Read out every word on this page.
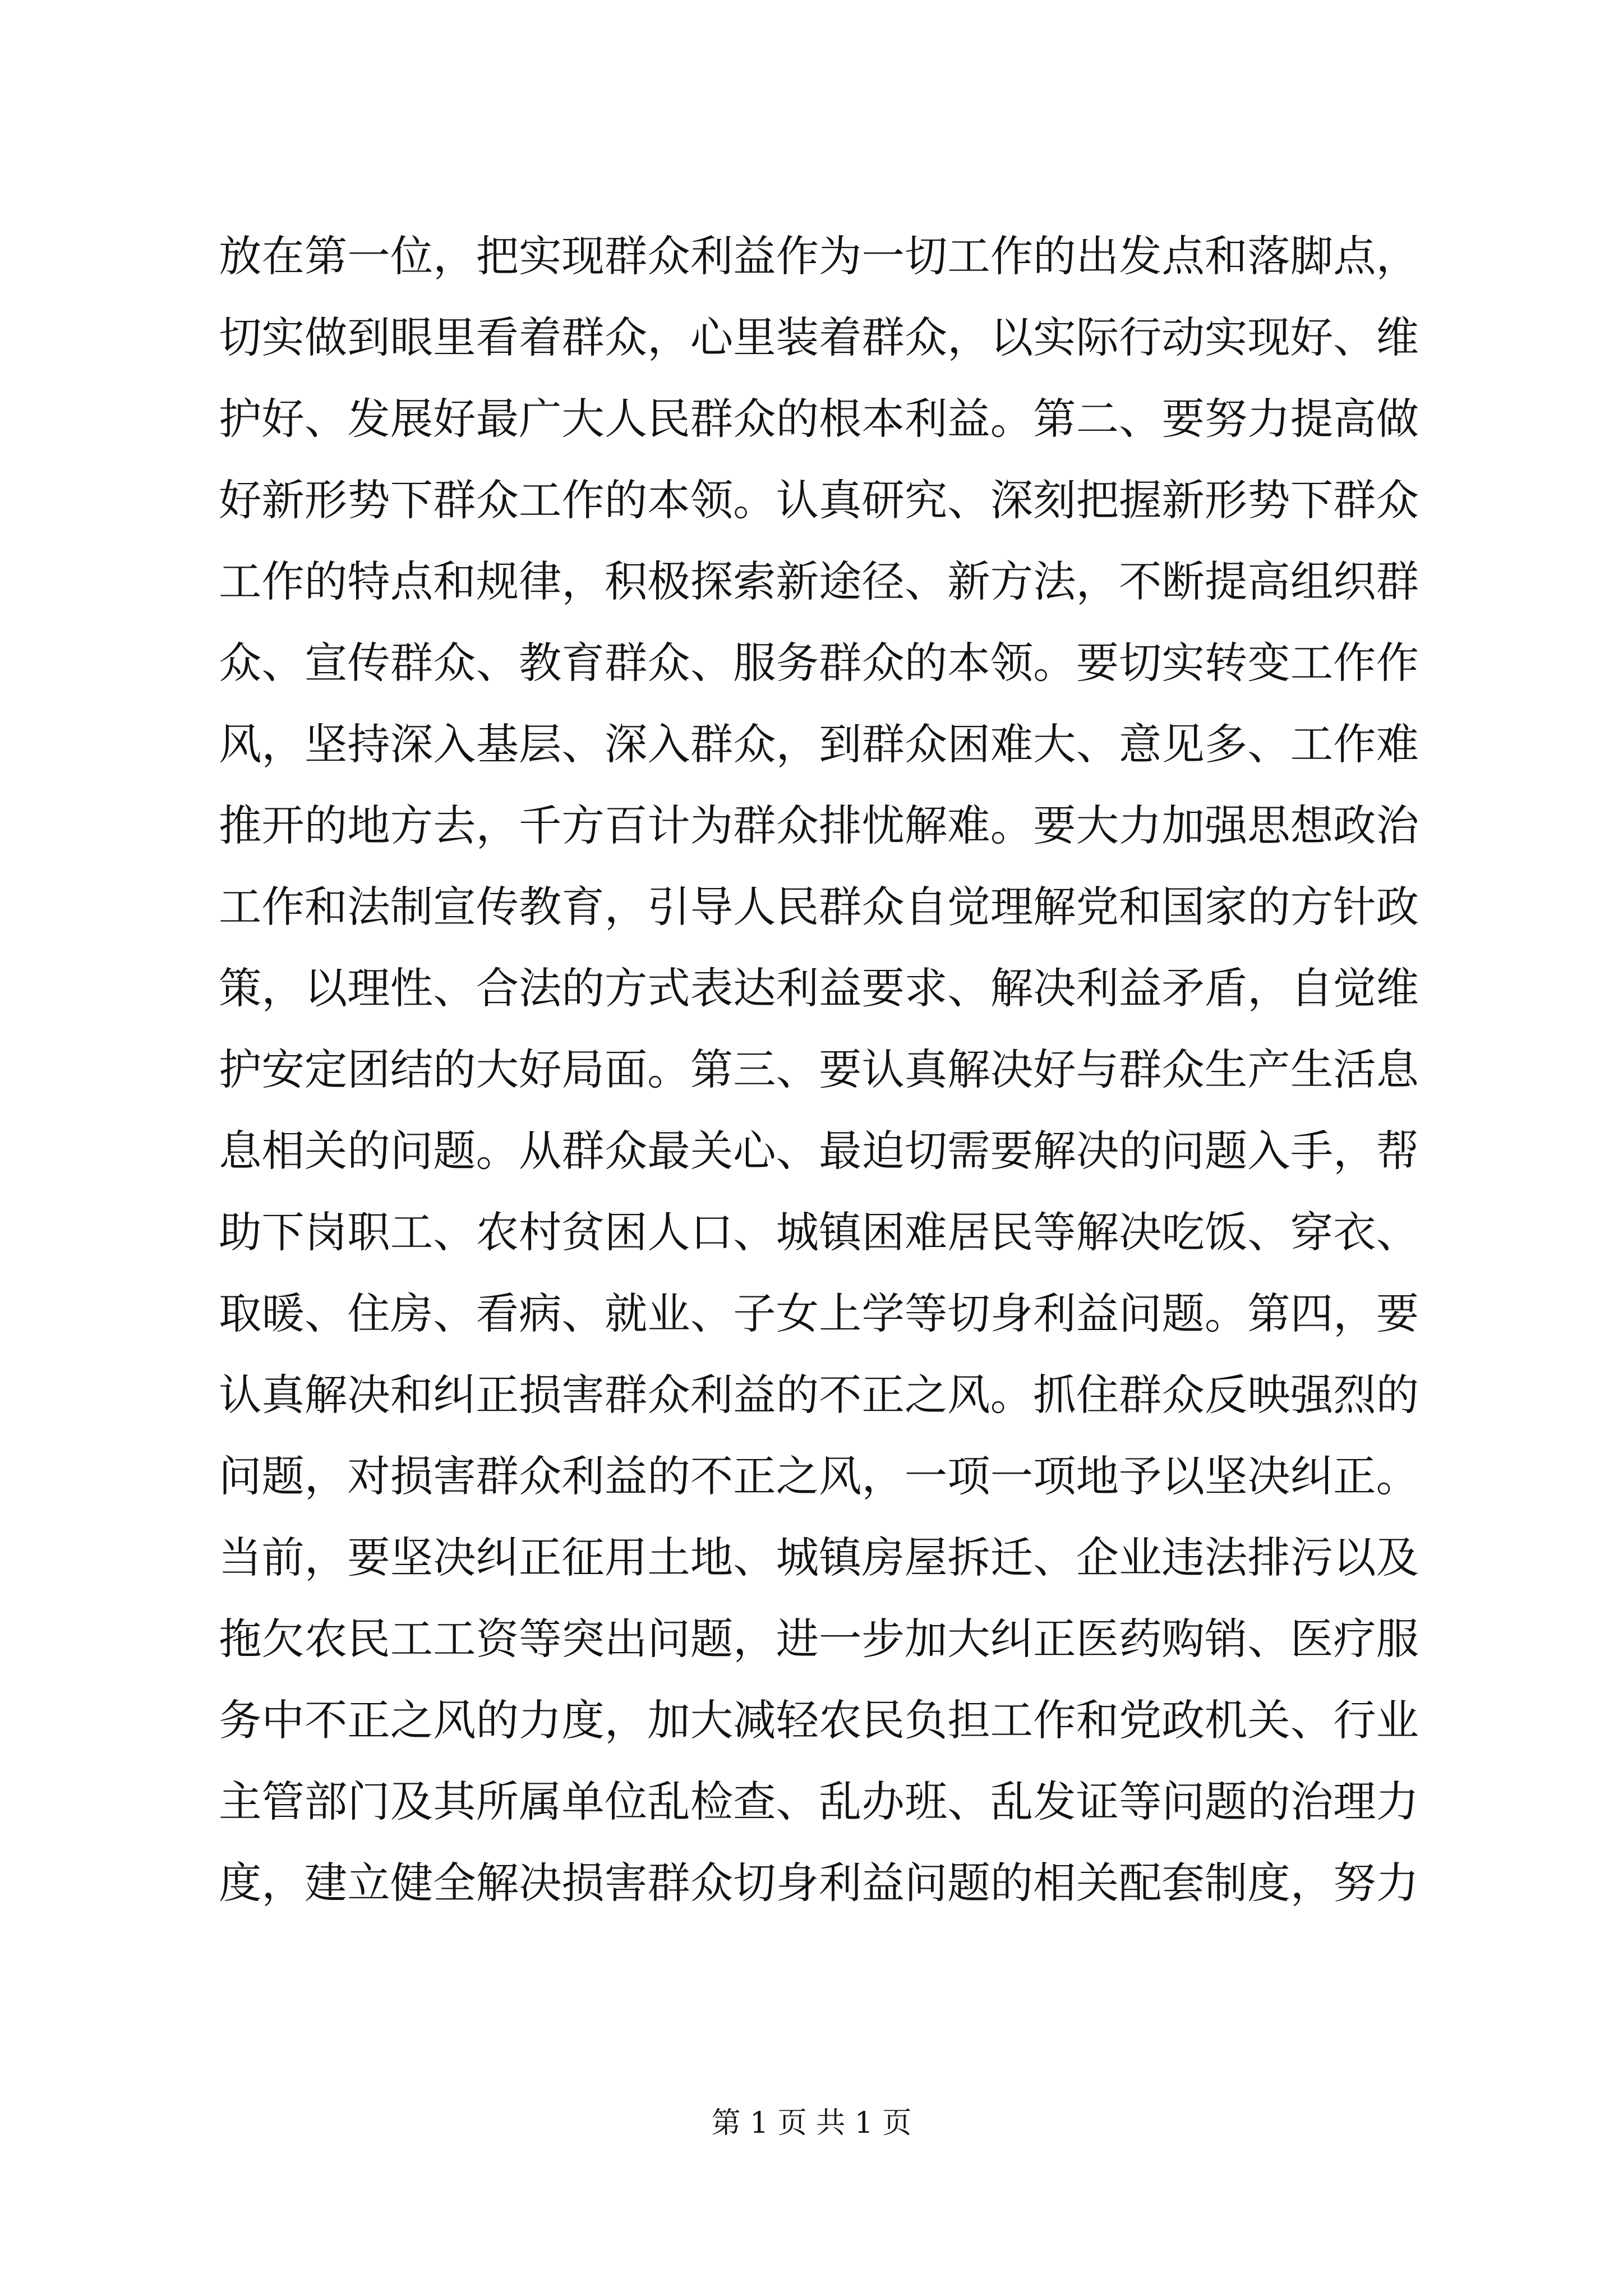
放在第一位，把实现群众利益作为一切工作的出发点和落脚点，
切实做到眼里看着群众，心里装着群众，以实际行动实现好、维
护好、发展好最广大人民群众的根本利益。第二、要努力提高做
好新形势下群众工作的本领。认真研究、深刻把握新形势下群众
工作的特点和规律，积极探索新途径、新方法，不断提高组织群
众、宣传群众、教育群众、服务群众的本领。要切实转变工作作
风，坚持深入基层、深入群众，到群众困难大、意见多、工作难
推开的地方去，千方百计为群众排忧解难。要大力加强思想政治
工作和法制宣传教育，引导人民群众自觉理解党和国家的方针政
策，以理性、合法的方式表达利益要求、解决利益矛盾，自觉维
护安定团结的大好局面。第三、要认真解决好与群众生产生活息
息相关的问题。从群众最关心、最迫切需要解决的问题入手，帮
助下岗职工、农村贫困人口、城镇困难居民等解决吃饭、穿衣、
取暖、住房、看病、就业、子女上学等切身利益问题。第四，要
认真解决和纠正损害群众利益的不正之风。抓住群众反映强烈的
问题，对损害群众利益的不正之风，一项一项地予以坚决纠正。
当前，要坚决纠正征用土地、城镇房屋拆迁、企业违法排污以及
拖欠农民工工资等突出问题，进一步加大纠正医药购销、医疗服
务中不正之风的力度，加大减轻农民负担工作和党政机关、行业
主管部门及其所属单位乱检查、乱办班、乱发证等问题的治理力
度，建立健全解决损害群众切身利益问题的相关配套制度，努力
第 1 页 共 1 页
